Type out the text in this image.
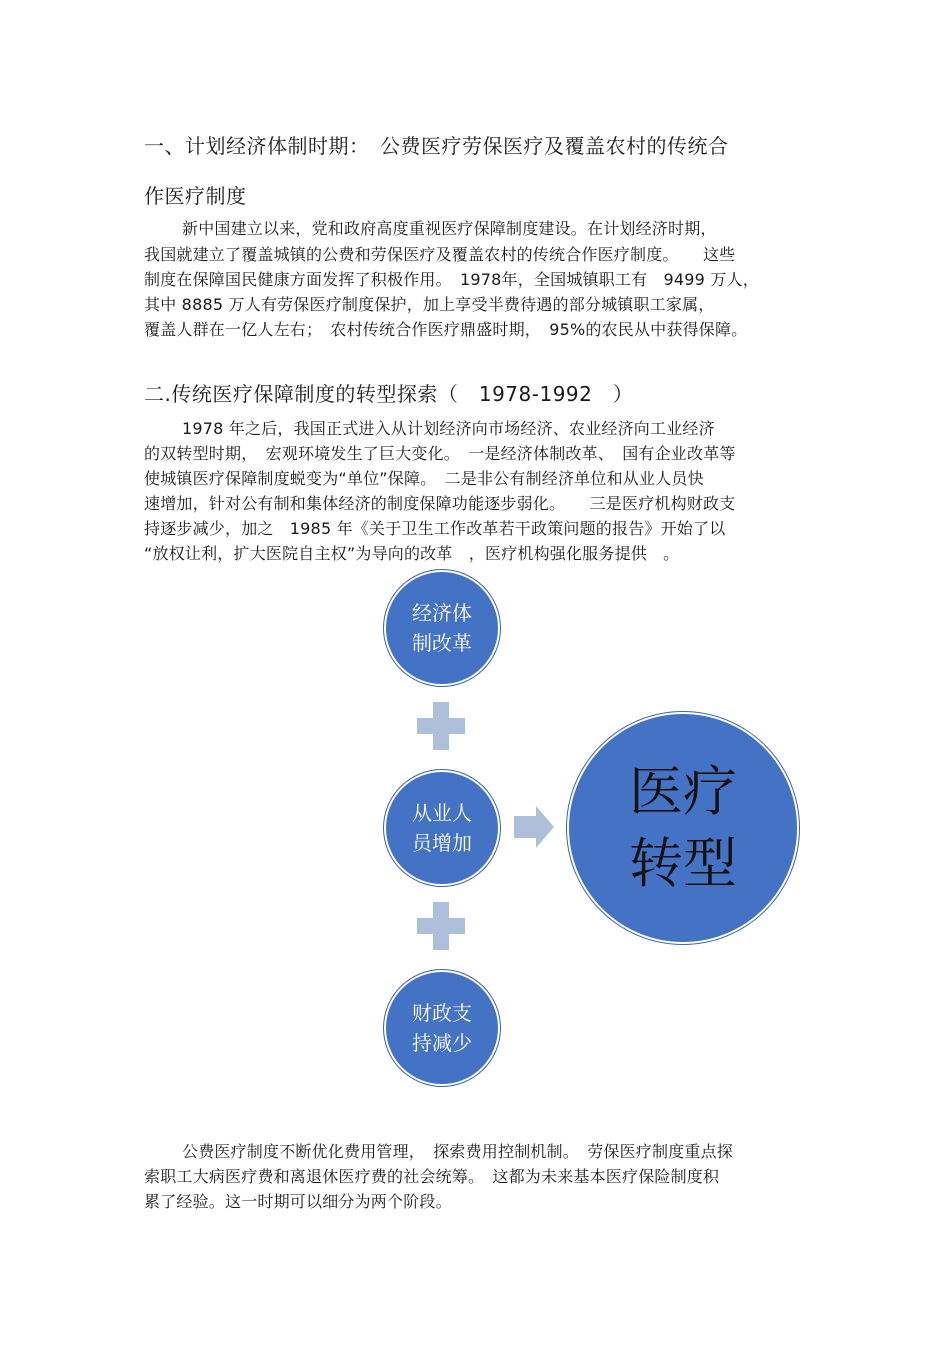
一、计划经济体制时期：　公费医疗劳保医疗及覆盖农村的传统合
作医疗制度
新中国建立以来，党和政府高度重视医疗保障制度建设。在计划经济时期，
我国就建立了覆盖城镇的公费和劳保医疗及覆盖农村的传统合作医疗制度。　　这些
制度在保障国民健康方面发挥了积极作用。　1978年，全国城镇职工有　9499 万人，
其中 8885 万人有劳保医疗制度保护，加上享受半费待遇的部分城镇职工家属，
覆盖人群在一亿人左右；　农村传统合作医疗鼎盛时期，　95%的农民从中获得保障。
二.传统医疗保障制度的转型探索（　1978-1992　）
1978 年之后，我国正式进入从计划经济向市场经济、农业经济向工业经济
的双转型时期，　宏观环境发生了巨大变化。　一是经济体制改革、　国有企业改革等
使城镇医疗保障制度蜕变为“单位”保障。　二是非公有制经济单位和从业人员快
速增加，针对公有制和集体经济的制度保障功能逐步弱化。　　三是医疗机构财政支
持逐步减少，加之　1985 年《关于卫生工作改革若干政策问题的报告》开始了以
“放权让利，扩大医院自主权”为导向的改革　，医疗机构强化服务提供　。
经济体
制改革
从业人
员增加
财政支
持减少
医疗
转型
公费医疗制度不断优化费用管理，　探索费用控制机制。　劳保医疗制度重点探
索职工大病医疗费和离退休医疗费的社会统筹。　这都为未来基本医疗保险制度积
累了经验。这一时期可以细分为两个阶段。
